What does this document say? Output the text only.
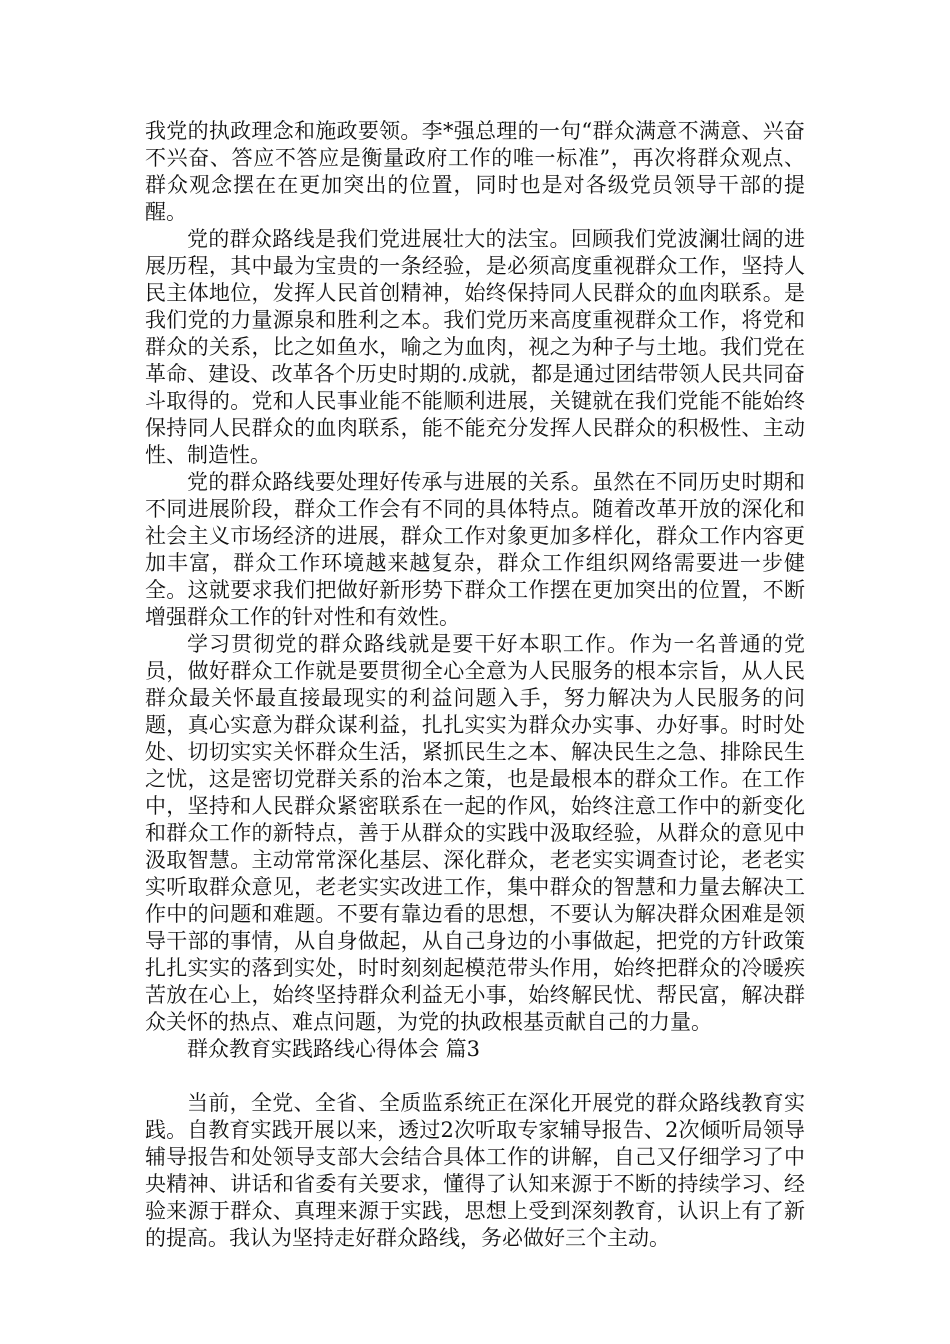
我党的执政理念和施政要领。李*强总理的一句“群众满意不满意、兴奋不兴奋、答应不答应是衡量政府工作的唯一标准”，再次将群众观点、群众观念摆在在更加突出的位置，同时也是对各级党员领导干部的提醒。

党的群众路线是我们党进展壮大的法宝。回顾我们党波澜壮阔的进展历程，其中最为宝贵的一条经验，是必须高度重视群众工作，坚持人民主体地位，发挥人民首创精神，始终保持同人民群众的血肉联系。是我们党的力量源泉和胜利之本。我们党历来高度重视群众工作，将党和群众的关系，比之如鱼水，喻之为血肉，视之为种子与土地。我们党在革命、建设、改革各个历史时期的.成就，都是通过团结带领人民共同奋斗取得的。党和人民事业能不能顺利进展，关键就在我们党能不能始终保持同人民群众的血肉联系，能不能充分发挥人民群众的积极性、主动性、制造性。

党的群众路线要处理好传承与进展的关系。虽然在不同历史时期和不同进展阶段，群众工作会有不同的具体特点。随着改革开放的深化和社会主义市场经济的进展，群众工作对象更加多样化，群众工作内容更加丰富，群众工作环境越来越复杂，群众工作组织网络需要进一步健全。这就要求我们把做好新形势下群众工作摆在更加突出的位置，不断增强群众工作的针对性和有效性。

学习贯彻党的群众路线就是要干好本职工作。作为一名普通的党员，做好群众工作就是要贯彻全心全意为人民服务的根本宗旨，从人民群众最关怀最直接最现实的利益问题入手，努力解决为人民服务的问题，真心实意为群众谋利益，扎扎实实为群众办实事、办好事。时时处处、切切实实关怀群众生活，紧抓民生之本、解决民生之急、排除民生之忧，这是密切党群关系的治本之策，也是最根本的群众工作。在工作中，坚持和人民群众紧密联系在一起的作风，始终注意工作中的新变化和群众工作的新特点，善于从群众的实践中汲取经验，从群众的意见中汲取智慧。主动常常深化基层、深化群众，老老实实调查讨论，老老实实听取群众意见，老老实实改进工作，集中群众的智慧和力量去解决工作中的问题和难题。不要有靠边看的思想，不要认为解决群众困难是领导干部的事情，从自身做起，从自己身边的小事做起，把党的方针政策扎扎实实的落到实处，时时刻刻起模范带头作用，始终把群众的冷暖疾苦放在心上，始终坚持群众利益无小事，始终解民忧、帮民富，解决群众关怀的热点、难点问题，为党的执政根基贡献自己的力量。

群众教育实践路线心得体会 篇3

当前，全党、全省、全质监系统正在深化开展党的群众路线教育实践。自教育实践开展以来，透过2次听取专家辅导报告、2次倾听局领导辅导报告和处领导支部大会结合具体工作的讲解，自己又仔细学习了中央精神、讲话和省委有关要求，懂得了认知来源于不断的持续学习、经验来源于群众、真理来源于实践，思想上受到深刻教育，认识上有了新的提高。我认为坚持走好群众路线，务必做好三个主动。
